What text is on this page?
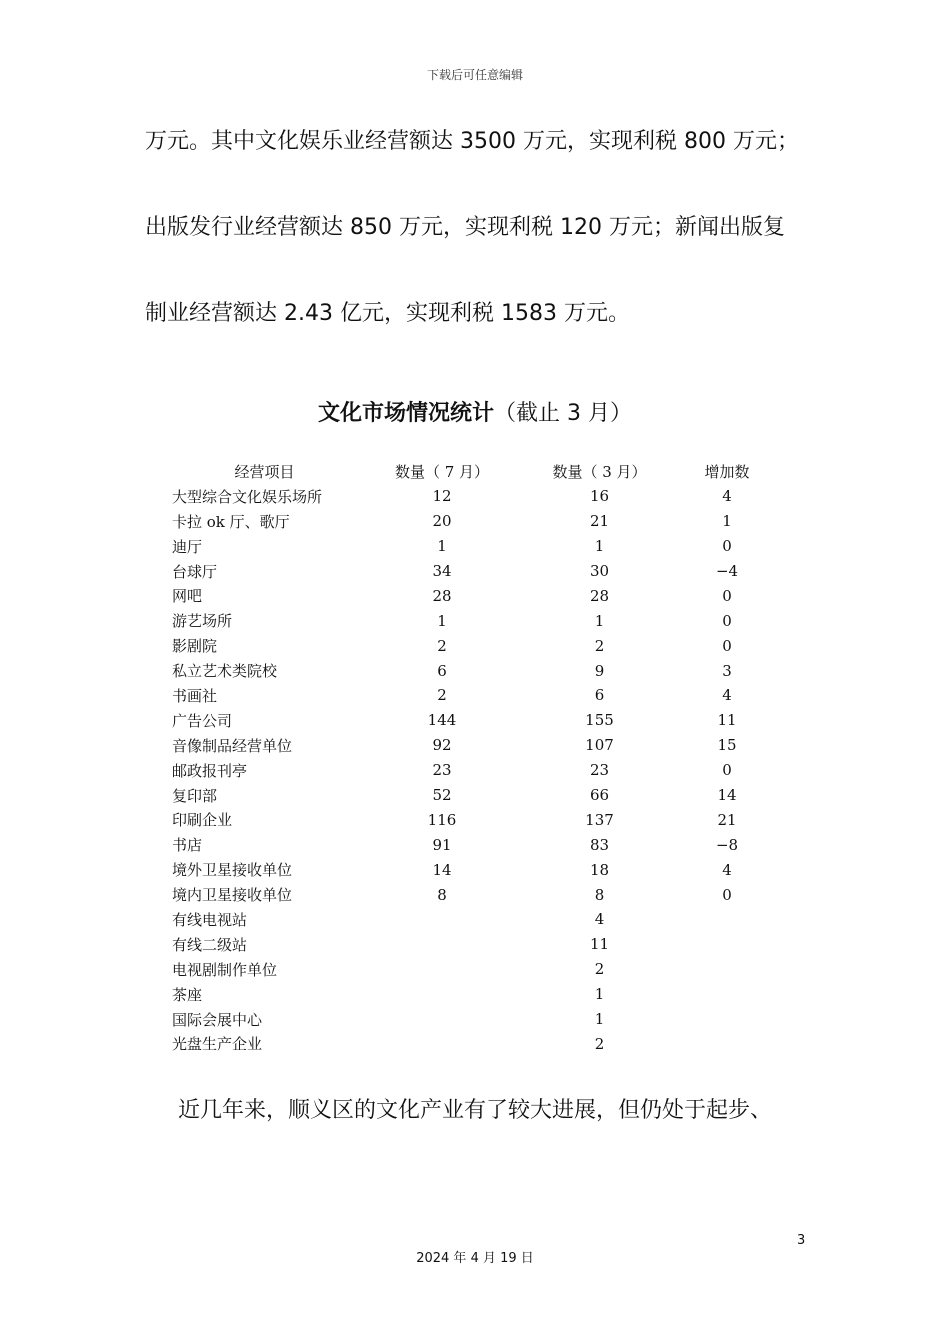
下载后可任意编辑
万元。其中文化娱乐业经营额达 3500 万元，实现利税 800 万元；
出版发行业经营额达 850 万元，实现利税 120 万元；新闻出版复
制业经营额达 2.43 亿元，实现利税 1583 万元。
文化市场情况统计（截止 3 月）
经营项目	数量（ 7 月）	数量（ 3 月）	增加数
大型综合文化娱乐场所	12	16	4
卡拉 ok 厅、歌厅	20	21	1
迪厅	1	1	0
台球厅	34	30	−4
网吧	28	28	0
游艺场所	1	1	0
影剧院	2	2	0
私立艺术类院校	6	9	3
书画社	2	6	4
广告公司	144	155	11
音像制品经营单位	92	107	15
邮政报刊亭	23	23	0
复印部	52	66	14
印刷企业	116	137	21
书店	91	83	−8
境外卫星接收单位	14	18	4
境内卫星接收单位	8	8	0
有线电视站		4	
有线二级站		11	
电视剧制作单位		2	
茶座		1	
国际会展中心		1	
光盘生产企业		2	
近几年来，顺义区的文化产业有了较大进展，但仍处于起步、
3
2024 年 4 月 19 日
